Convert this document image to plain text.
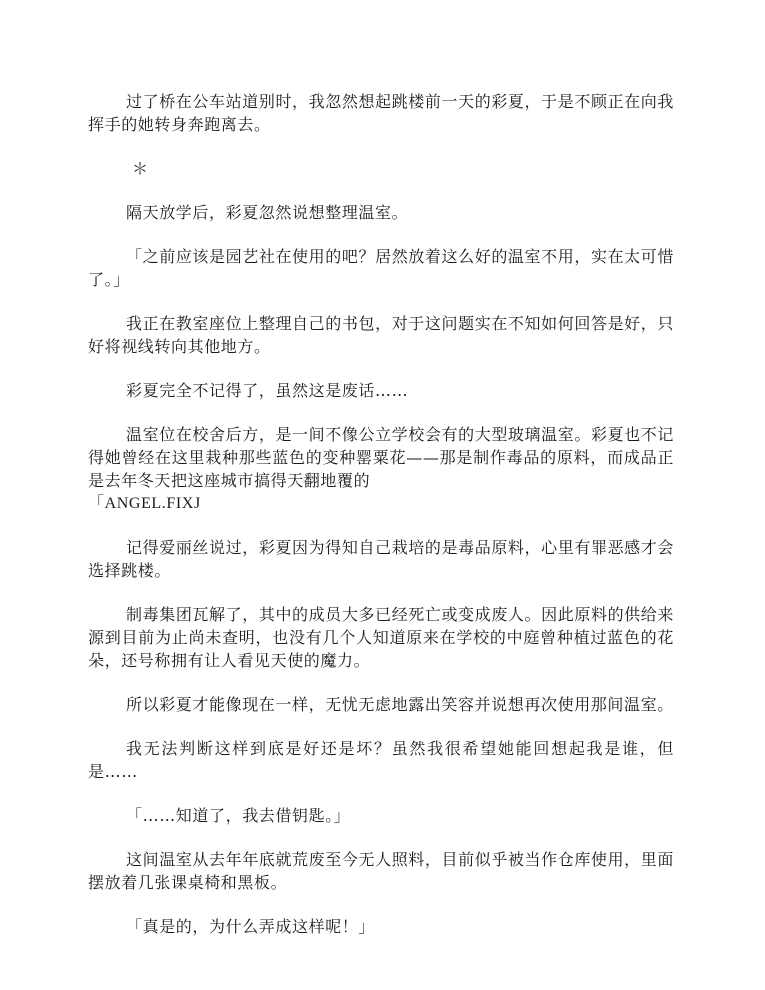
过了桥在公车站道别时，我忽然想起跳楼前一天的彩夏，于是不顾正在向我挥手的她转身奔跑离去。

＊

隔天放学后，彩夏忽然说想整理温室。

「之前应该是园艺社在使用的吧？居然放着这么好的温室不用，实在太可惜了。」

我正在教室座位上整理自己的书包，对于这问题实在不知如何回答是好，只好将视线转向其他地方。

彩夏完全不记得了，虽然这是废话……

温室位在校舍后方，是一间不像公立学校会有的大型玻璃温室。彩夏也不记得她曾经在这里栽种那些蓝色的变种罂粟花——那是制作毒品的原料，而成品正是去年冬天把这座城市搞得天翻地覆的

「ANGEL.FIXJ

记得爱丽丝说过，彩夏因为得知自己栽培的是毒品原料，心里有罪恶感才会选择跳楼。

制毒集团瓦解了，其中的成员大多已经死亡或变成废人。因此原料的供给来源到目前为止尚未查明，也没有几个人知道原来在学校的中庭曾种植过蓝色的花朵，还号称拥有让人看见天使的魔力。

所以彩夏才能像现在一样，无忧无虑地露出笑容并说想再次使用那间温室。

我无法判断这样到底是好还是坏？虽然我很希望她能回想起我是谁，但是……

「……知道了，我去借钥匙。」

这间温室从去年年底就荒废至今无人照料，目前似乎被当作仓库使用，里面摆放着几张课桌椅和黑板。

「真是的，为什么弄成这样呢！」
